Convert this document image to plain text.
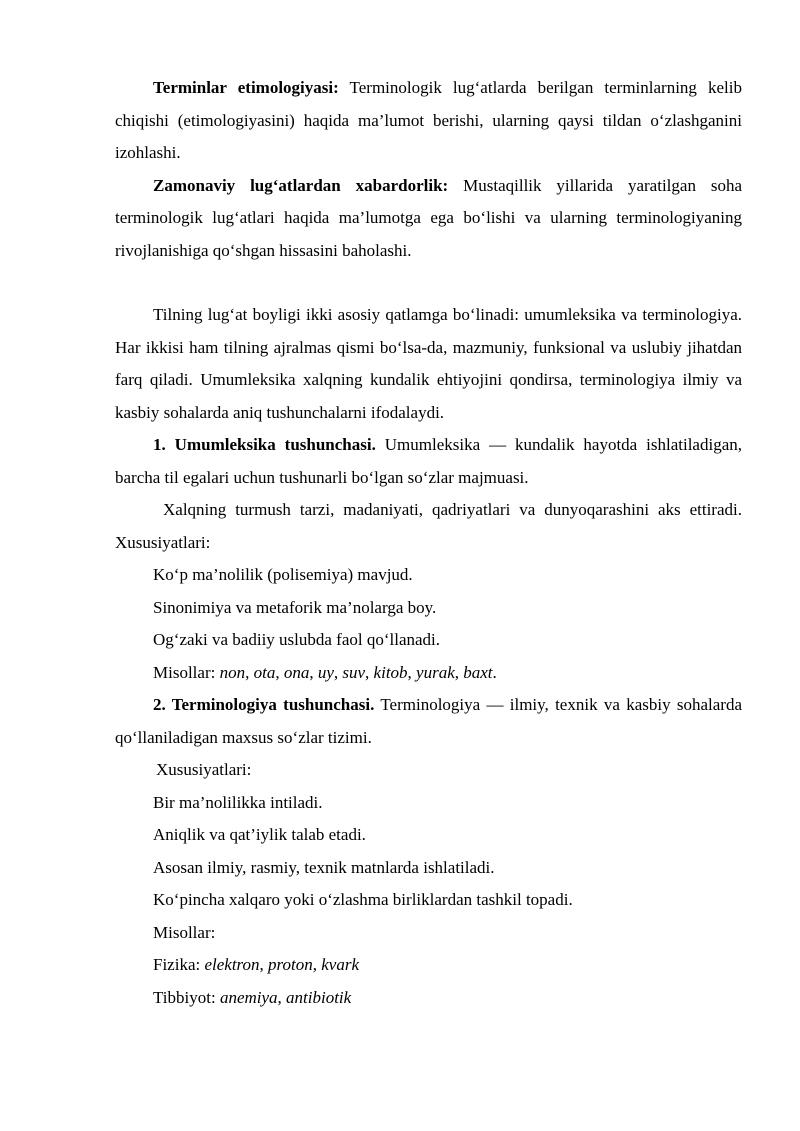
Terminlar etimologiyasi: Terminologik lug‘atlarda berilgan terminlarning kelib chiqishi (etimologiyasini) haqida ma’lumot berishi, ularning qaysi tildan o‘zlashganini izohlashi.

Zamonaviy lug‘atlardan xabardorlik: Mustaqillik yillarida yaratilgan soha terminologik lug‘atlari haqida ma’lumotga ega bo‘lishi va ularning terminologiyaning rivojlanishiga qo‘shgan hissasini baholashi.

Tilning lug‘at boyligi ikki asosiy qatlamga bo‘linadi: umumleksika va terminologiya. Har ikkisi ham tilning ajralmas qismi bo‘lsa-da, mazmuniy, funksional va uslubiy jihatdan farq qiladi. Umumleksika xalqning kundalik ehtiyojini qondirsa, terminologiya ilmiy va kasbiy sohalarda aniq tushunchalarni ifodalaydi.

1. Umumleksika tushunchasi. Umumleksika — kundalik hayotda ishlatiladigan, barcha til egalari uchun tushunarli bo‘lgan so‘zlar majmuasi.

Xalqning turmush tarzi, madaniyati, qadriyatlari va dunyoqarashini aks ettiradi. Xususiyatlari:

Ko‘p ma’nolilik (polisemiya) mavjud.

Sinonimiya va metaforik ma’nolarga boy.

Og‘zaki va badiiy uslubda faol qo‘llanadi.

Misollar: non, ota, ona, uy, suv, kitob, yurak, baxt.

2. Terminologiya tushunchasi. Terminologiya — ilmiy, texnik va kasbiy sohalarda qo‘llaniladigan maxsus so‘zlar tizimi.

Xususiyatlari:

Bir ma’nolilikka intiladi.

Aniqlik va qat’iylik talab etadi.

Asosan ilmiy, rasmiy, texnik matnlarda ishlatiladi.

Ko‘pincha xalqaro yoki o‘zlashma birliklardan tashkil topadi.

Misollar:

Fizika: elektron, proton, kvark

Tibbiyot: anemiya, antibiotik
